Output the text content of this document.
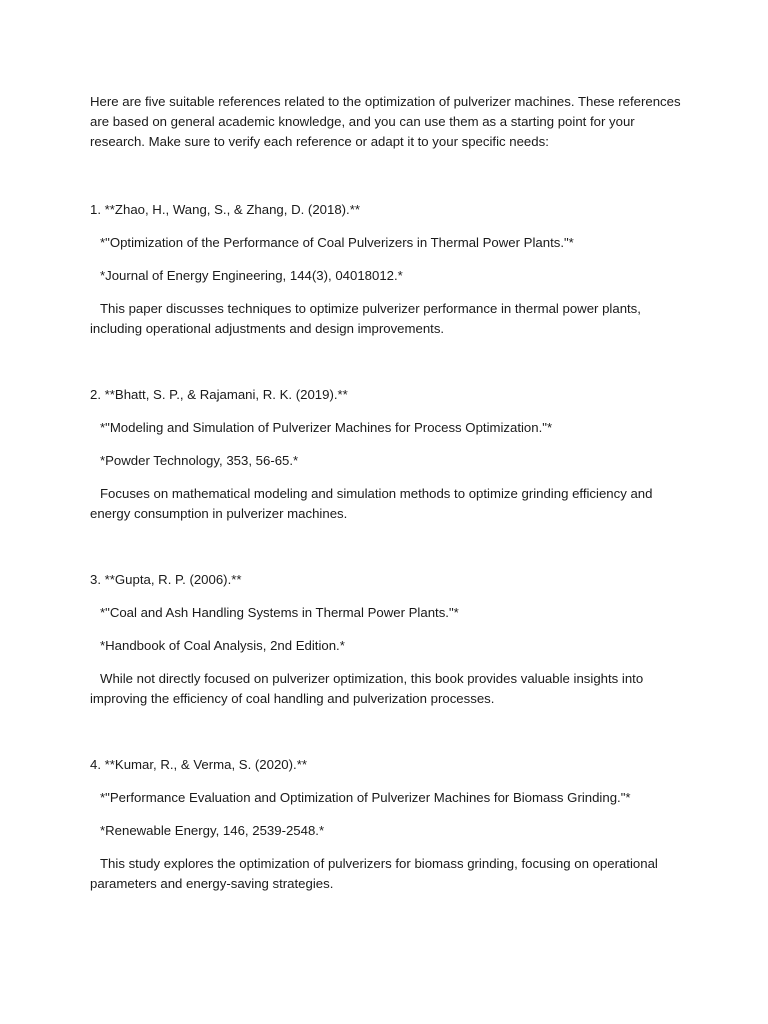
Here are five suitable references related to the optimization of pulverizer machines. These references are based on general academic knowledge, and you can use them as a starting point for your research. Make sure to verify each reference or adapt it to your specific needs:

1. **Zhao, H., Wang, S., & Zhang, D. (2018).**

*"Optimization of the Performance of Coal Pulverizers in Thermal Power Plants."*

*Journal of Energy Engineering, 144(3), 04018012.*

This paper discusses techniques to optimize pulverizer performance in thermal power plants, including operational adjustments and design improvements.

2. **Bhatt, S. P., & Rajamani, R. K. (2019).**

*"Modeling and Simulation of Pulverizer Machines for Process Optimization."*

*Powder Technology, 353, 56-65.*

Focuses on mathematical modeling and simulation methods to optimize grinding efficiency and energy consumption in pulverizer machines.

3. **Gupta, R. P. (2006).**

*"Coal and Ash Handling Systems in Thermal Power Plants."*

*Handbook of Coal Analysis, 2nd Edition.*

While not directly focused on pulverizer optimization, this book provides valuable insights into improving the efficiency of coal handling and pulverization processes.

4. **Kumar, R., & Verma, S. (2020).**

*"Performance Evaluation and Optimization of Pulverizer Machines for Biomass Grinding."*

*Renewable Energy, 146, 2539-2548.*

This study explores the optimization of pulverizers for biomass grinding, focusing on operational parameters and energy-saving strategies.
